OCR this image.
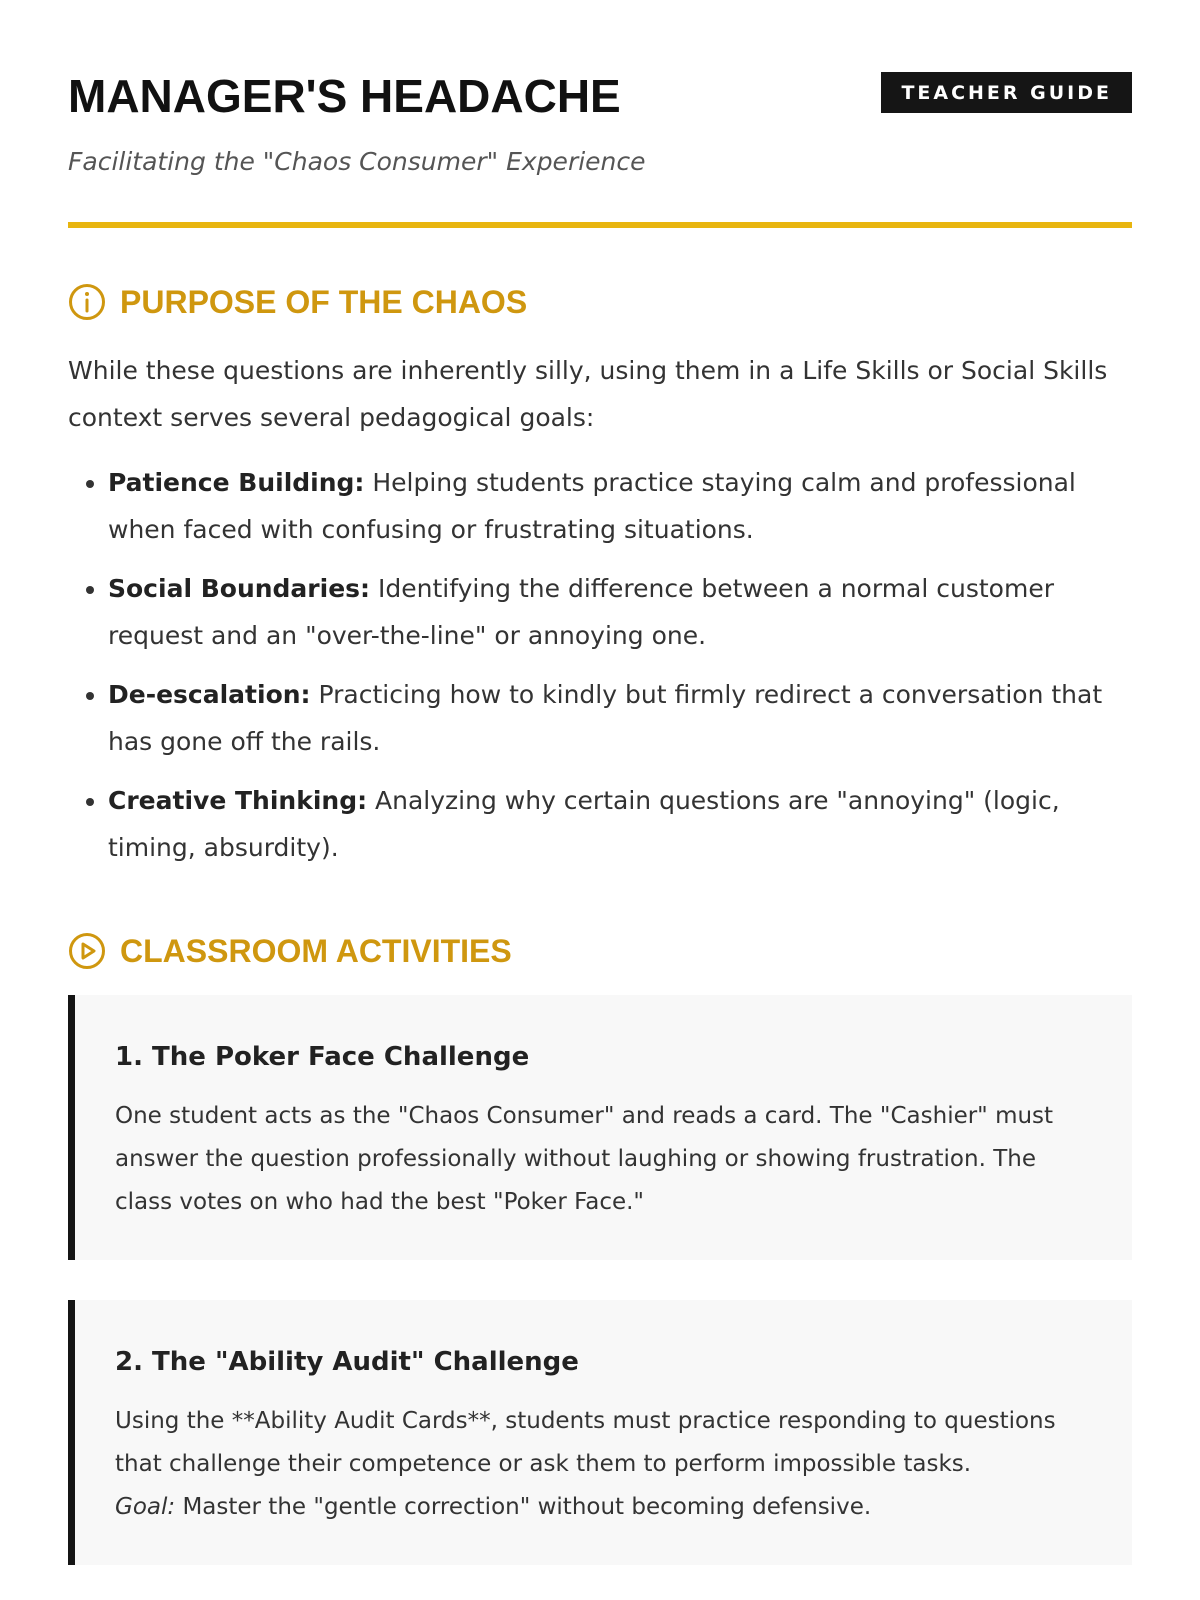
MANAGER'S HEADACHE	TEACHER GUIDE
Facilitating the "Chaos Consumer" Experience
PURPOSE OF THE CHAOS
While these questions are inherently silly, using them in a Life Skills or Social Skills context serves several pedagogical goals:
• Patience Building: Helping students practice staying calm and professional when faced with confusing or frustrating situations.
• Social Boundaries: Identifying the difference between a normal customer request and an "over-the-line" or annoying one.
• De-escalation: Practicing how to kindly but firmly redirect a conversation that has gone off the rails.
• Creative Thinking: Analyzing why certain questions are "annoying" (logic, timing, absurdity).
CLASSROOM ACTIVITIES
1. The Poker Face Challenge
One student acts as the "Chaos Consumer" and reads a card. The "Cashier" must answer the question professionally without laughing or showing frustration. The class votes on who had the best "Poker Face."
2. The "Ability Audit" Challenge
Using the **Ability Audit Cards**, students must practice responding to questions that challenge their competence or ask them to perform impossible tasks.
Goal: Master the "gentle correction" without becoming defensive.
